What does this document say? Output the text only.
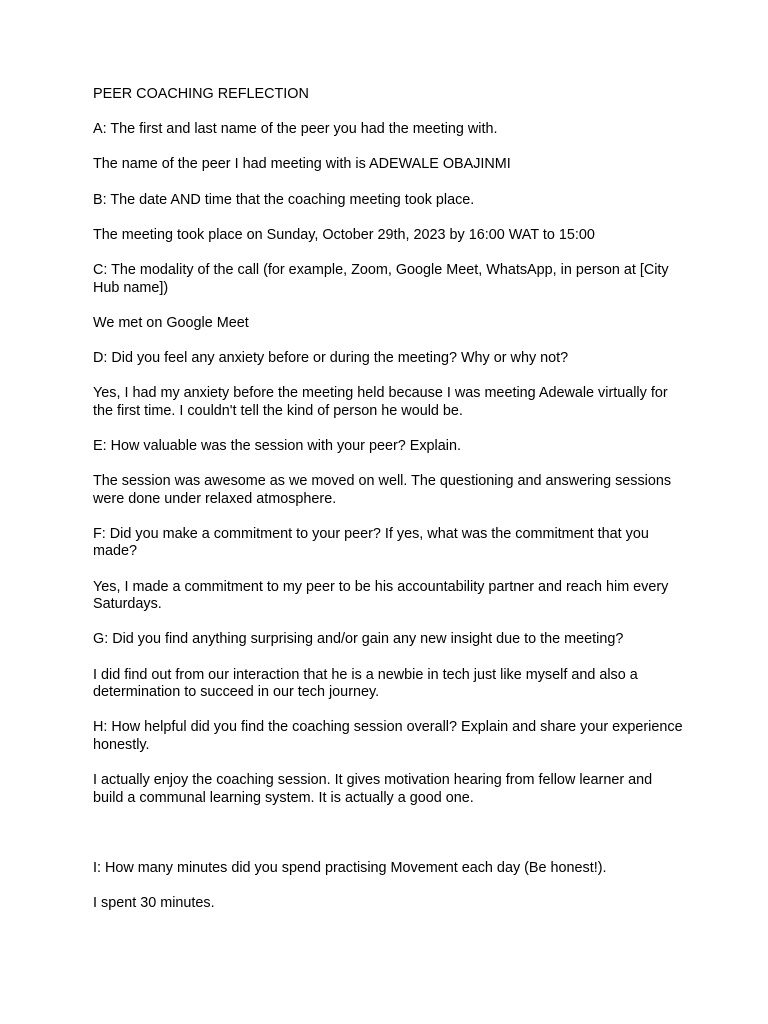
PEER COACHING REFLECTION

A: The first and last name of the peer you had the meeting with.

The name of the peer I had meeting with is ADEWALE OBAJINMI

B: The date AND time that the coaching meeting took place.

The meeting took place on Sunday, October 29th, 2023 by 16:00 WAT to 15:00

C: The modality of the call (for example, Zoom, Google Meet, WhatsApp, in person at [City Hub name])

We met on Google Meet

D: Did you feel any anxiety before or during the meeting? Why or why not?

Yes, I had my anxiety before the meeting held because I was meeting Adewale virtually for the first time. I couldn't tell the kind of person he would be.

E: How valuable was the session with your peer? Explain.

The session was awesome as we moved on well. The questioning and answering sessions were done under relaxed atmosphere.

F: Did you make a commitment to your peer? If yes, what was the commitment that you made?

Yes, I made a commitment to my peer to be his accountability partner and reach him every Saturdays.

G: Did you find anything surprising and/or gain any new insight due to the meeting?

I did find out from our interaction that he is a newbie in tech just like myself and also a determination to succeed in our tech journey.

H: How helpful did you find the coaching session overall? Explain and share your experience honestly.

I actually enjoy the coaching session. It gives motivation hearing from fellow learner and build a communal learning system. It is actually a good one.

I: How many minutes did you spend practising Movement each day (Be honest!).

I spent 30 minutes.
